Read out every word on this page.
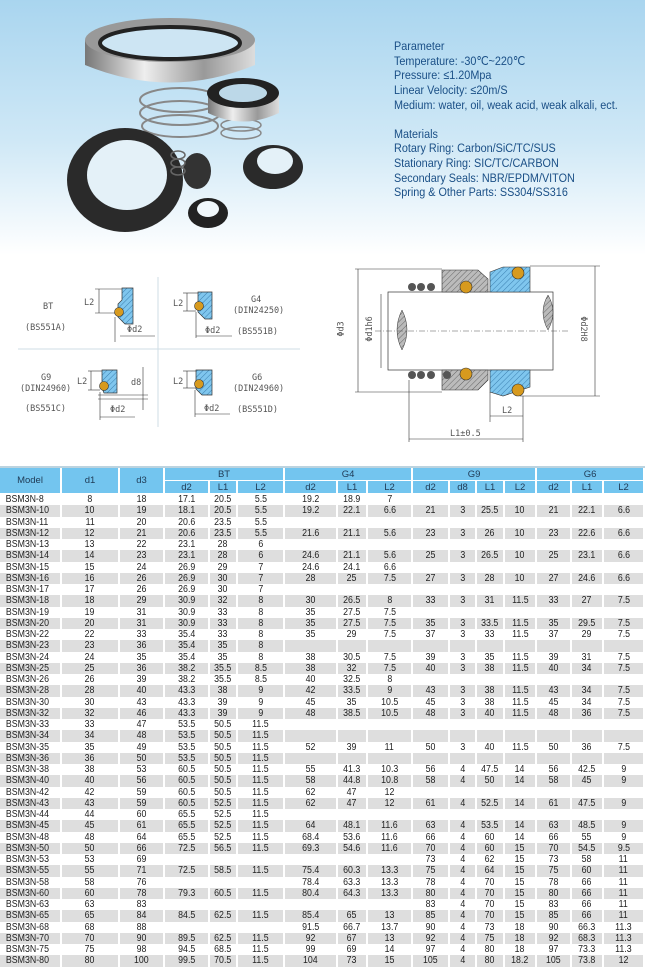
Parameter
Temperature: -30℃~220℃
Pressure: ≤1.20Mpa
Linear Velocity: ≤20m/S
Medium: water, oil, weak acid, weak alkali, ect.
Materials
Rotary Ring: Carbon/SiC/TC/SUS
Stationary Ring: SIC/TC/CARBON
Secondary Seals: NBR/EPDM/VITON
Spring & Other Parts: SS304/SS316
BT
(BS551A)
L2
Φd2
G4
(DIN24250)
(BS551B)
L2
Φd2
G9
(DIN24960)
(BS551C)
L2	d8
Φd2
G6
(DIN24960)
(BS551D)
L2
Φd2
Φd3 Φd1h6	Φd2H8
L2
L1±0.5
Model	d1	d3	BT			G4			G9				G6		
			d2	L1	L2	d2	L1	L2	d2	d8	L1	L2	d2	L1	L2
BSM3N-8	8	18	17.1	20.5	5.5	19.2	18.9	7							
BSM3N-10	10	19	18.1	20.5	5.5	19.2	22.1	6.6	21	3	25.5	10	21	22.1	6.6
BSM3N-11	11	20	20.6	23.5	5.5										
BSM3N-12	12	21	20.6	23.5	5.5	21.6	21.1	5.6	23	3	26	10	23	22.6	6.6
BSM3N-13	13	22	23.1	28	6										
BSM3N-14	14	23	23.1	28	6	24.6	21.1	5.6	25	3	26.5	10	25	23.1	6.6
BSM3N-15	15	24	26.9	29	7	24.6	24.1	6.6							
BSM3N-16	16	26	26.9	30	7	28	25	7.5	27	3	28	10	27	24.6	6.6
BSM3N-17	17	26	26.9	30	7										
BSM3N-18	18	29	30.9	32	8	30	26.5	8	33	3	31	11.5	33	27	7.5
BSM3N-19	19	31	30.9	33	8	35	27.5	7.5							
BSM3N-20	20	31	30.9	33	8	35	27.5	7.5	35	3	33.5	11.5	35	29.5	7.5
BSM3N-22	22	33	35.4	33	8	35	29	7.5	37	3	33	11.5	37	29	7.5
BSM3N-23	23	36	35.4	35	8										
BSM3N-24	24	35	35.4	35	8	38	30.5	7.5	39	3	35	11.5	39	31	7.5
BSM3N-25	25	36	38.2	35.5	8.5	38	32	7.5	40	3	38	11.5	40	34	7.5
BSM3N-26	26	39	38.2	35.5	8.5	40	32.5	8							
BSM3N-28	28	40	43.3	38	9	42	33.5	9	43	3	38	11.5	43	34	7.5
BSM3N-30	30	43	43.3	39	9	45	35	10.5	45	3	38	11.5	45	34	7.5
BSM3N-32	32	46	43.3	39	9	48	38.5	10.5	48	3	40	11.5	48	36	7.5
BSM3N-33	33	47	53.5	50.5	11.5										
BSM3N-34	34	48	53.5	50.5	11.5										
BSM3N-35	35	49	53.5	50.5	11.5	52	39	11	50	3	40	11.5	50	36	7.5
BSM3N-36	36	50	53.5	50.5	11.5										
BSM3N-38	38	53	60.5	50.5	11.5	55	41.3	10.3	56	4	47.5	14	56	42.5	9
BSM3N-40	40	56	60.5	50.5	11.5	58	44.8	10.8	58	4	50	14	58	45	9
BSM3N-42	42	59	60.5	50.5	11.5	62	47	12							
BSM3N-43	43	59	60.5	52.5	11.5	62	47	12	61	4	52.5	14	61	47.5	9
BSM3N-44	44	60	65.5	52.5	11.5										
BSM3N-45	45	61	65.5	52.5	11.5	64	48.1	11.6	63	4	53.5	14	63	48.5	9
BSM3N-48	48	64	65.5	52.5	11.5	68.4	53.6	11.6	66	4	60	14	66	55	9
BSM3N-50	50	66	72.5	56.5	11.5	69.3	54.6	11.6	70	4	60	15	70	54.5	9.5
BSM3N-53	53	69							73	4	62	15	73	58	11
BSM3N-55	55	71	72.5	58.5	11.5	75.4	60.3	13.3	75	4	64	15	75	60	11
BSM3N-58	58	76				78.4	63.3	13.3	78	4	70	15	78	66	11
BSM3N-60	60	78	79.3	60.5	11.5	80.4	64.3	13.3	80	4	70	15	80	66	11
BSM3N-63	63	83							83	4	70	15	83	66	11
BSM3N-65	65	84	84.5	62.5	11.5	85.4	65	13	85	4	70	15	85	66	11
BSM3N-68	68	88				91.5	66.7	13.7	90	4	73	18	90	66.3	11.3
BSM3N-70	70	90	89.5	62.5	11.5	92	67	13	92	4	75	18	92	68.3	11.3
BSM3N-75	75	98	94.5	68.5	11.5	99	69	14	97	4	80	18	97	73.3	11.3
BSM3N-80	80	100	99.5	70.5	11.5	104	73	15	105	4	80	18.2	105	73.8	12
